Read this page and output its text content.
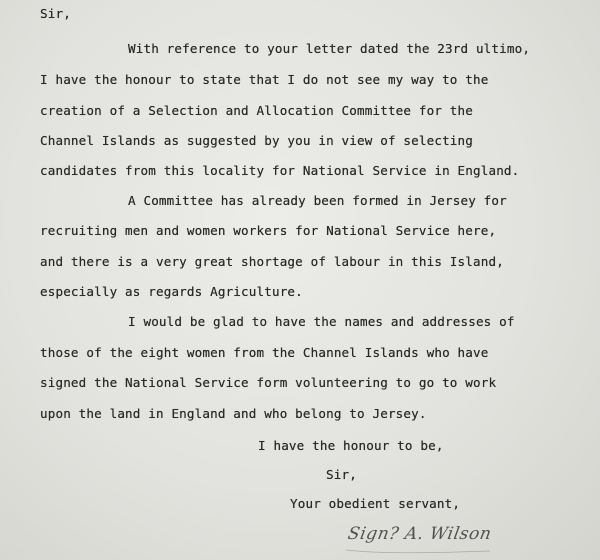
Sir,
With reference to your letter dated the 23rd ultimo,
I have the honour to state that I do not see my way to the
creation of a Selection and Allocation Committee for the
Channel Islands as suggested by you in view of selecting
candidates from this locality for National Service in England.
A Committee has already been formed in Jersey for
recruiting men and women workers for National Service here,
and there is a very great shortage of labour in this Island,
especially as regards Agriculture.
I would be glad to have the names and addresses of
those of the eight women from the Channel Islands who have
signed the National Service form volunteering to go to work
upon the land in England and who belong to Jersey.
I have the honour to be,
Sir,
Your obedient servant,
Sign? A. Wilson
